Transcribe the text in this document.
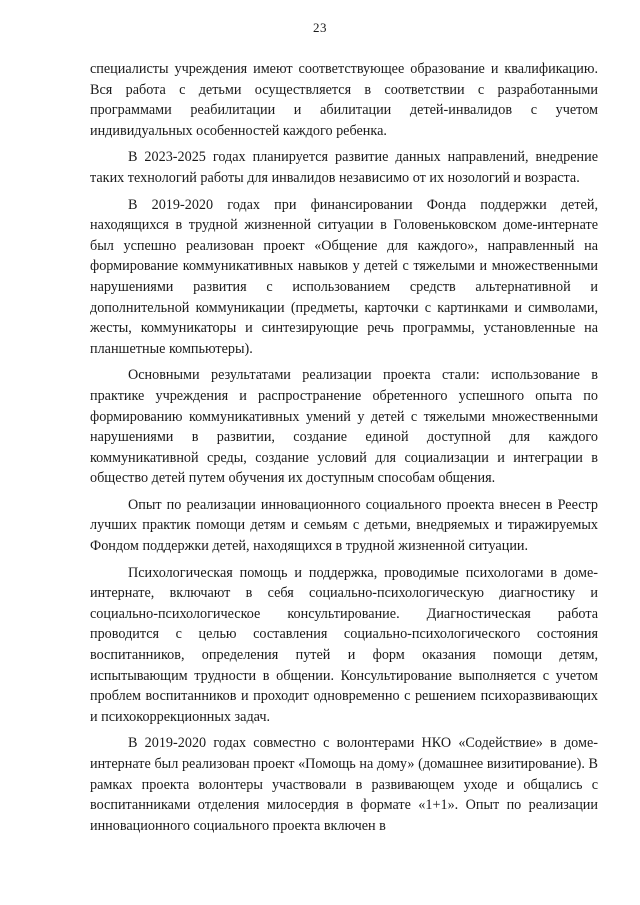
23

специалисты учреждения имеют соответствующее образование и квалификацию. Вся работа с детьми осуществляется в соответствии с разработанными программами реабилитации и абилитации детей-инвалидов с учетом индивидуальных особенностей каждого ребенка.

В 2023-2025 годах планируется развитие данных направлений, внедрение таких технологий работы для инвалидов независимо от их нозологий и возраста.

В 2019-2020 годах при финансировании Фонда поддержки детей, находящихся в трудной жизненной ситуации в Головеньковском доме-интернате был успешно реализован проект «Общение для каждого», направленный на формирование коммуникативных навыков у детей с тяжелыми и множественными нарушениями развития с использованием средств альтернативной и дополнительной коммуникации (предметы, карточки с картинками и символами, жесты, коммуникаторы и синтезирующие речь программы, установленные на планшетные компьютеры).

Основными результатами реализации проекта стали: использование в практике учреждения и распространение обретенного успешного опыта по формированию коммуникативных умений у детей с тяжелыми множественными нарушениями в развитии, создание единой доступной для каждого коммуникативной среды, создание условий для социализации и интеграции в общество детей путем обучения их доступным способам общения.

Опыт по реализации инновационного социального проекта внесен в Реестр лучших практик помощи детям и семьям с детьми, внедряемых и тиражируемых Фондом поддержки детей, находящихся в трудной жизненной ситуации.

Психологическая помощь и поддержка, проводимые психологами в доме-интернате, включают в себя социально-психологическую диагностику и социально-психологическое консультирование. Диагностическая работа проводится с целью составления социально-психологического состояния воспитанников, определения путей и форм оказания помощи детям, испытывающим трудности в общении. Консультирование выполняется с учетом проблем воспитанников и проходит одновременно с решением психоразвивающих и психокоррекционных задач.

В 2019-2020 годах совместно с волонтерами НКО «Содействие» в доме-интернате был реализован проект «Помощь на дому» (домашнее визитирование). В рамках проекта волонтеры участвовали в развивающем уходе и общались с воспитанниками отделения милосердия в формате «1+1». Опыт по реализации инновационного социального проекта включен в
